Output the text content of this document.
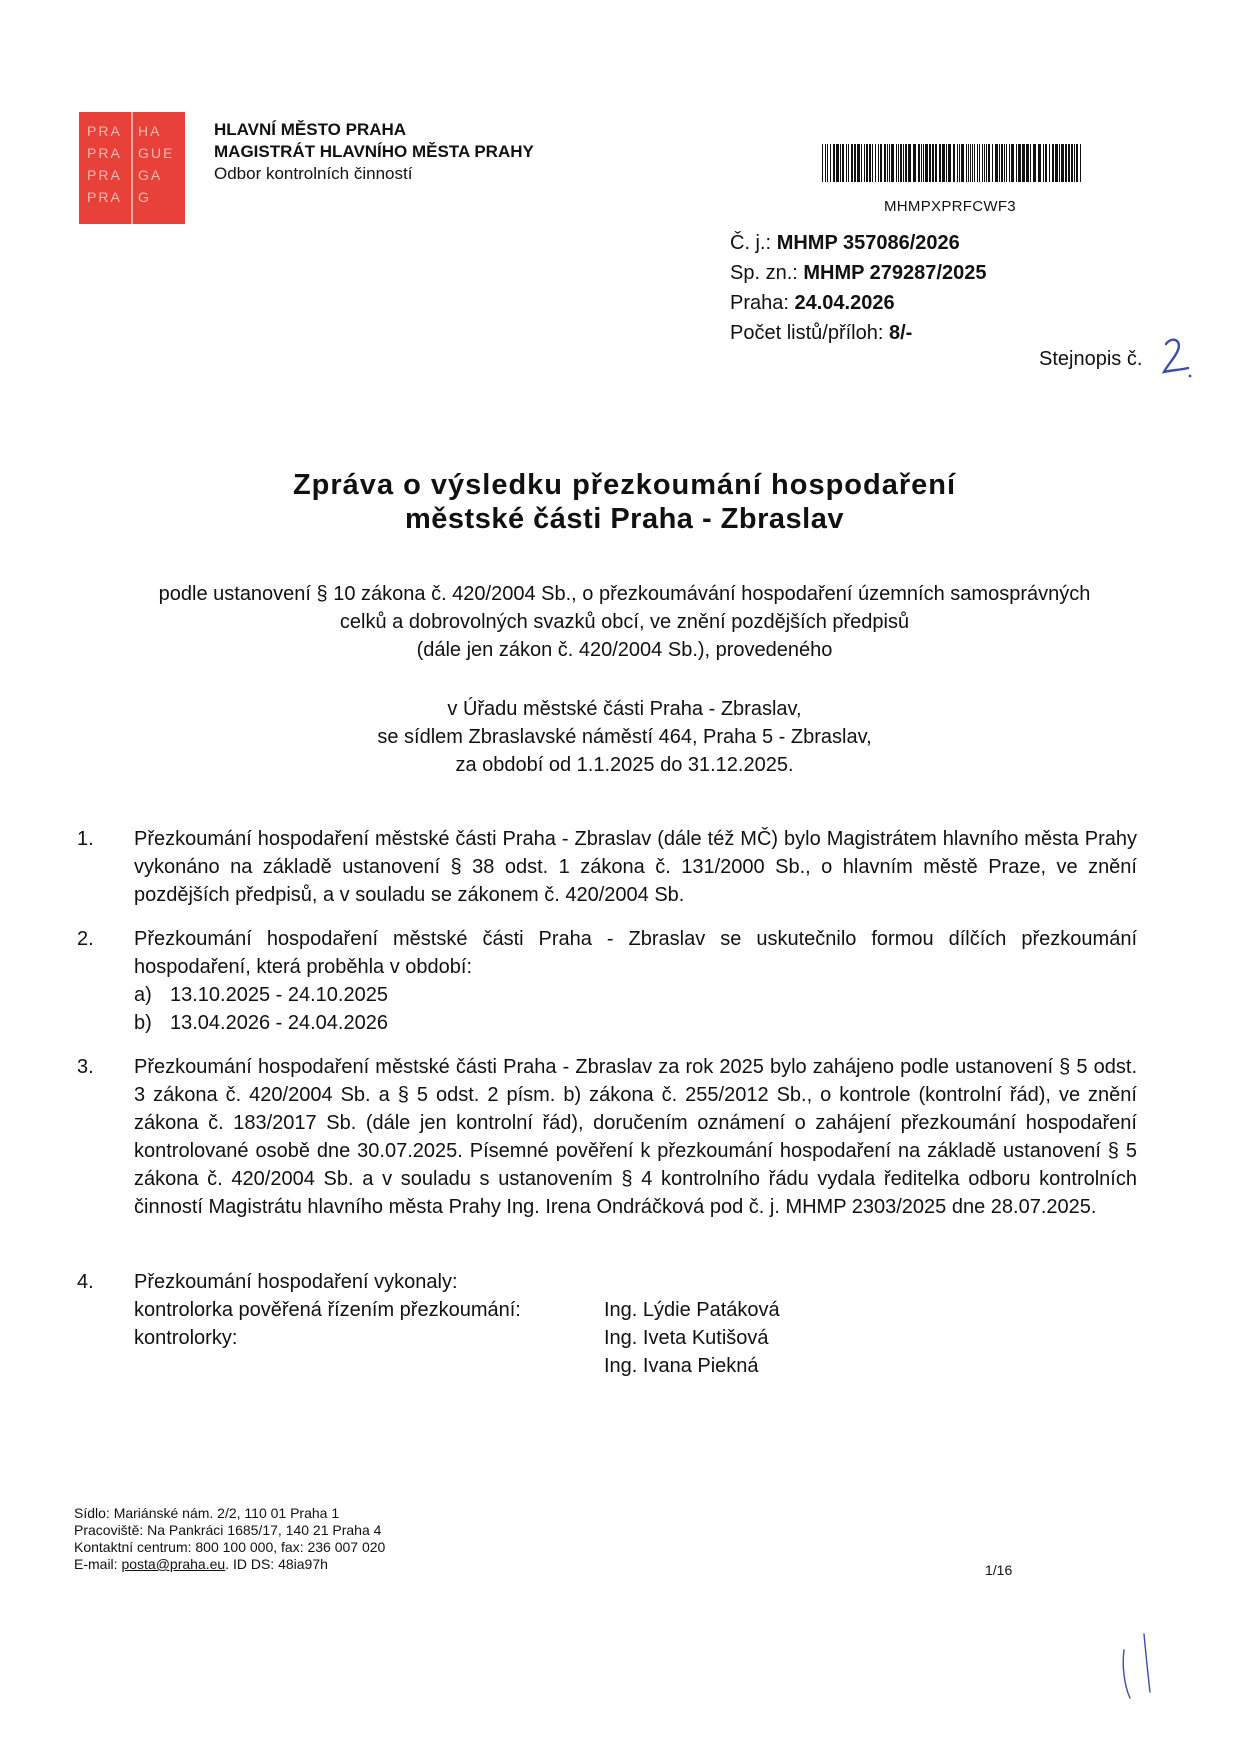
PRA
PRA
PRA
PRA
HA
GUE
GA
G
HLAVNÍ MĚSTO PRAHA
MAGISTRÁT HLAVNÍHO MĚSTA PRAHY
Odbor kontrolních činností
MHMPXPRFCWF3
Č. j.: MHMP 357086/2026
Sp. zn.: MHMP 279287/2025
Praha: 24.04.2026
Počet listů/příloh: 8/-
Stejnopis č.
Zpráva o výsledku přezkoumání hospodaření
městské části Praha - Zbraslav
podle ustanovení § 10 zákona č. 420/2004 Sb., o přezkoumávání hospodaření územních samosprávných
celků a dobrovolných svazků obcí, ve znění pozdějších předpisů
(dále jen zákon č. 420/2004 Sb.), provedeného
v Úřadu městské části Praha - Zbraslav,
se sídlem Zbraslavské náměstí 464, Praha 5 - Zbraslav,
za období od 1.1.2025 do 31.12.2025.
1. Přezkoumání hospodaření městské části Praha - Zbraslav (dále též MČ) bylo Magistrátem hlavního města Prahy vykonáno na základě ustanovení § 38 odst. 1 zákona č. 131/2000 Sb., o hlavním městě Praze, ve znění pozdějších předpisů, a v souladu se zákonem č. 420/2004 Sb.
2. Přezkoumání hospodaření městské části Praha - Zbraslav se uskutečnilo formou dílčích přezkoumání hospodaření, která proběhla v období:
a) 13.10.2025 - 24.10.2025
b) 13.04.2026 - 24.04.2026
3. Přezkoumání hospodaření městské části Praha - Zbraslav za rok 2025 bylo zahájeno podle ustanovení § 5 odst. 3 zákona č. 420/2004 Sb. a § 5 odst. 2 písm. b) zákona č. 255/2012 Sb., o kontrole (kontrolní řád), ve znění zákona č. 183/2017 Sb. (dále jen kontrolní řád), doručením oznámení o zahájení přezkoumání hospodaření kontrolované osobě dne 30.07.2025. Písemné pověření k přezkoumání hospodaření na základě ustanovení § 5 zákona č. 420/2004 Sb. a v souladu s ustanovením § 4 kontrolního řádu vydala ředitelka odboru kontrolních činností Magistrátu hlavního města Prahy Ing. Irena Ondráčková pod č. j. MHMP 2303/2025 dne 28.07.2025.
4. Přezkoumání hospodaření vykonaly:
kontrolorka pověřená řízením přezkoumání:	Ing. Lýdie Patáková
kontrolorky:	Ing. Iveta Kutišová
Ing. Ivana Piekná
Sídlo: Mariánské nám. 2/2, 110 01 Praha 1
Pracoviště: Na Pankráci 1685/17, 140 21 Praha 4
Kontaktní centrum: 800 100 000, fax: 236 007 020
E-mail: posta@praha.eu. ID DS: 48ia97h	1/16
